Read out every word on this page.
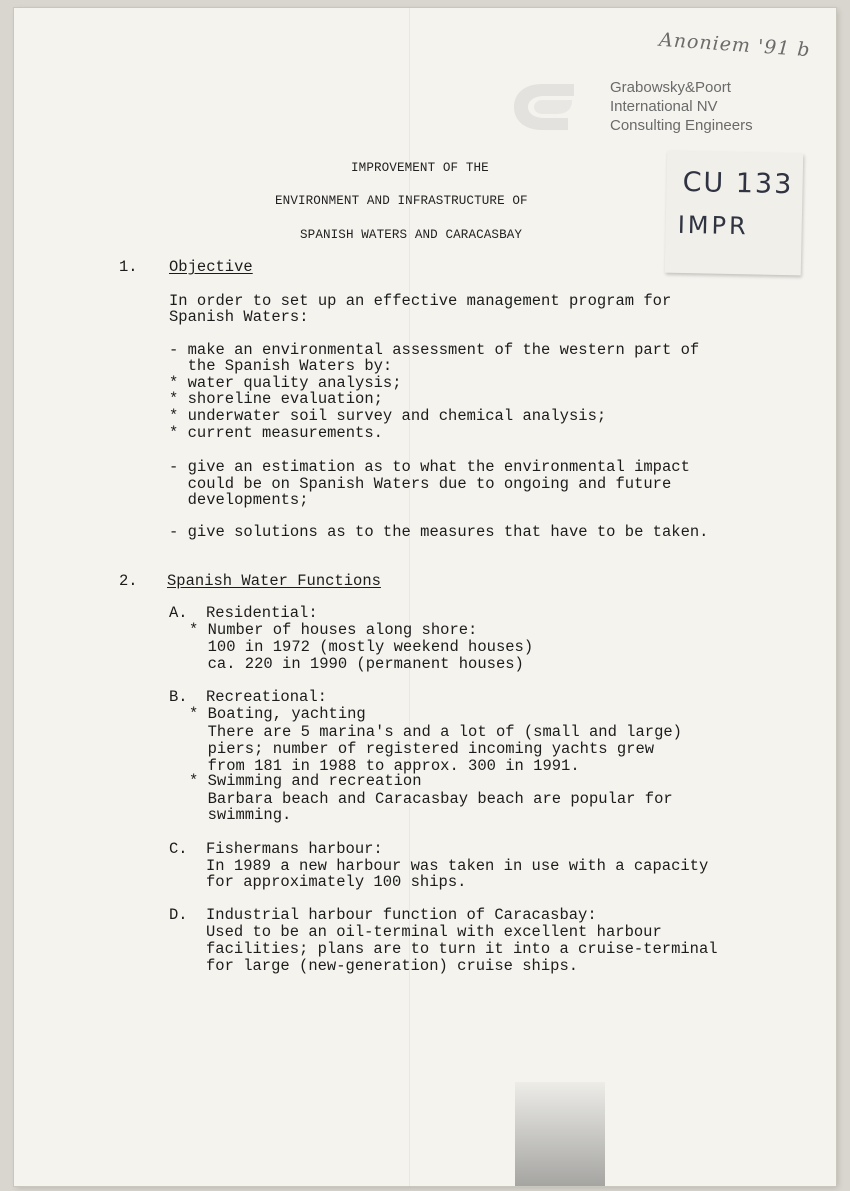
Anoniem '91 b
Grabowsky&Poort
International NV
Consulting Engineers
CU 133
IMPR
IMPROVEMENT OF THE
ENVIRONMENT AND INFRASTRUCTURE OF
SPANISH WATERS AND CARACASBAY
1. Objective
In order to set up an effective management program for
Spanish Waters:
- make an environmental assessment of the western part of
the Spanish Waters by:
* water quality analysis;
* shoreline evaluation;
* underwater soil survey and chemical analysis;
* current measurements.
- give an estimation as to what the environmental impact
could be on Spanish Waters due to ongoing and future
developments;
- give solutions as to the measures that have to be taken.
2. Spanish Water Functions
A. Residential:
* Number of houses along shore:
100 in 1972 (mostly weekend houses)
ca. 220 in 1990 (permanent houses)
B. Recreational:
* Boating, yachting
There are 5 marina's and a lot of (small and large)
piers; number of registered incoming yachts grew
from 181 in 1988 to approx. 300 in 1991.
* Swimming and recreation
Barbara beach and Caracasbay beach are popular for
swimming.
C. Fishermans harbour:
In 1989 a new harbour was taken in use with a capacity
for approximately 100 ships.
D. Industrial harbour function of Caracasbay:
Used to be an oil-terminal with excellent harbour
facilities; plans are to turn it into a cruise-terminal
for large (new-generation) cruise ships.
